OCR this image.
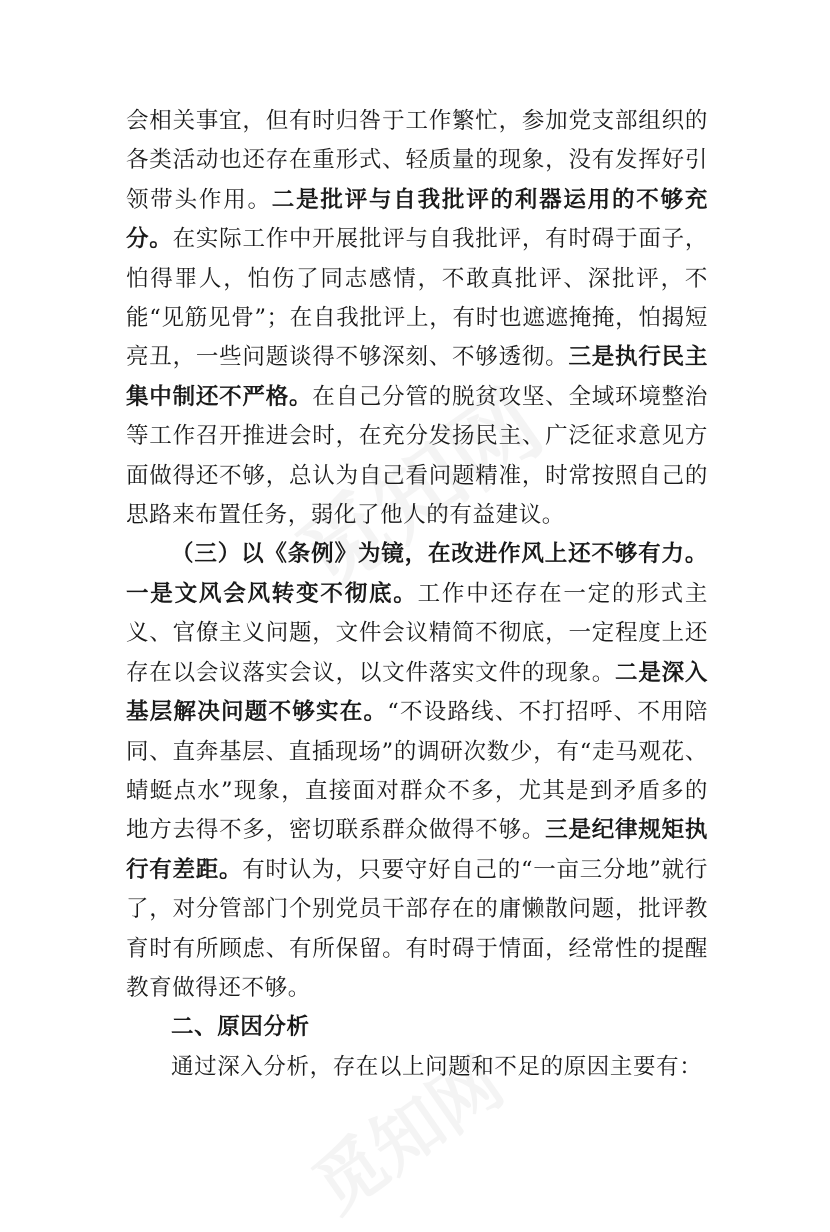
会相关事宜，但有时归咎于工作繁忙，参加党支部组织的各类活动也还存在重形式、轻质量的现象，没有发挥好引领带头作用。二是批评与自我批评的利器运用的不够充分。在实际工作中开展批评与自我批评，有时碍于面子，怕得罪人，怕伤了同志感情，不敢真批评、深批评，不能“见筋见骨”；在自我批评上，有时也遮遮掩掩，怕揭短亮丑，一些问题谈得不够深刻、不够透彻。三是执行民主集中制还不严格。在自己分管的脱贫攻坚、全域环境整治等工作召开推进会时，在充分发扬民主、广泛征求意见方面做得还不够，总认为自己看问题精准，时常按照自己的思路来布置任务，弱化了他人的有益建议。

（三）以《条例》为镜，在改进作风上还不够有力。一是文风会风转变不彻底。工作中还存在一定的形式主义、官僚主义问题，文件会议精简不彻底，一定程度上还存在以会议落实会议，以文件落实文件的现象。二是深入基层解决问题不够实在。“不设路线、不打招呼、不用陪同、直奔基层、直插现场”的调研次数少，有“走马观花、蜻蜓点水”现象，直接面对群众不多，尤其是到矛盾多的地方去得不多，密切联系群众做得不够。三是纪律规矩执行有差距。有时认为，只要守好自己的“一亩三分地”就行了，对分管部门个别党员干部存在的庸懒散问题，批评教育时有所顾虑、有所保留。有时碍于情面，经常性的提醒教育做得还不够。

二、原因分析

通过深入分析，存在以上问题和不足的原因主要有：
